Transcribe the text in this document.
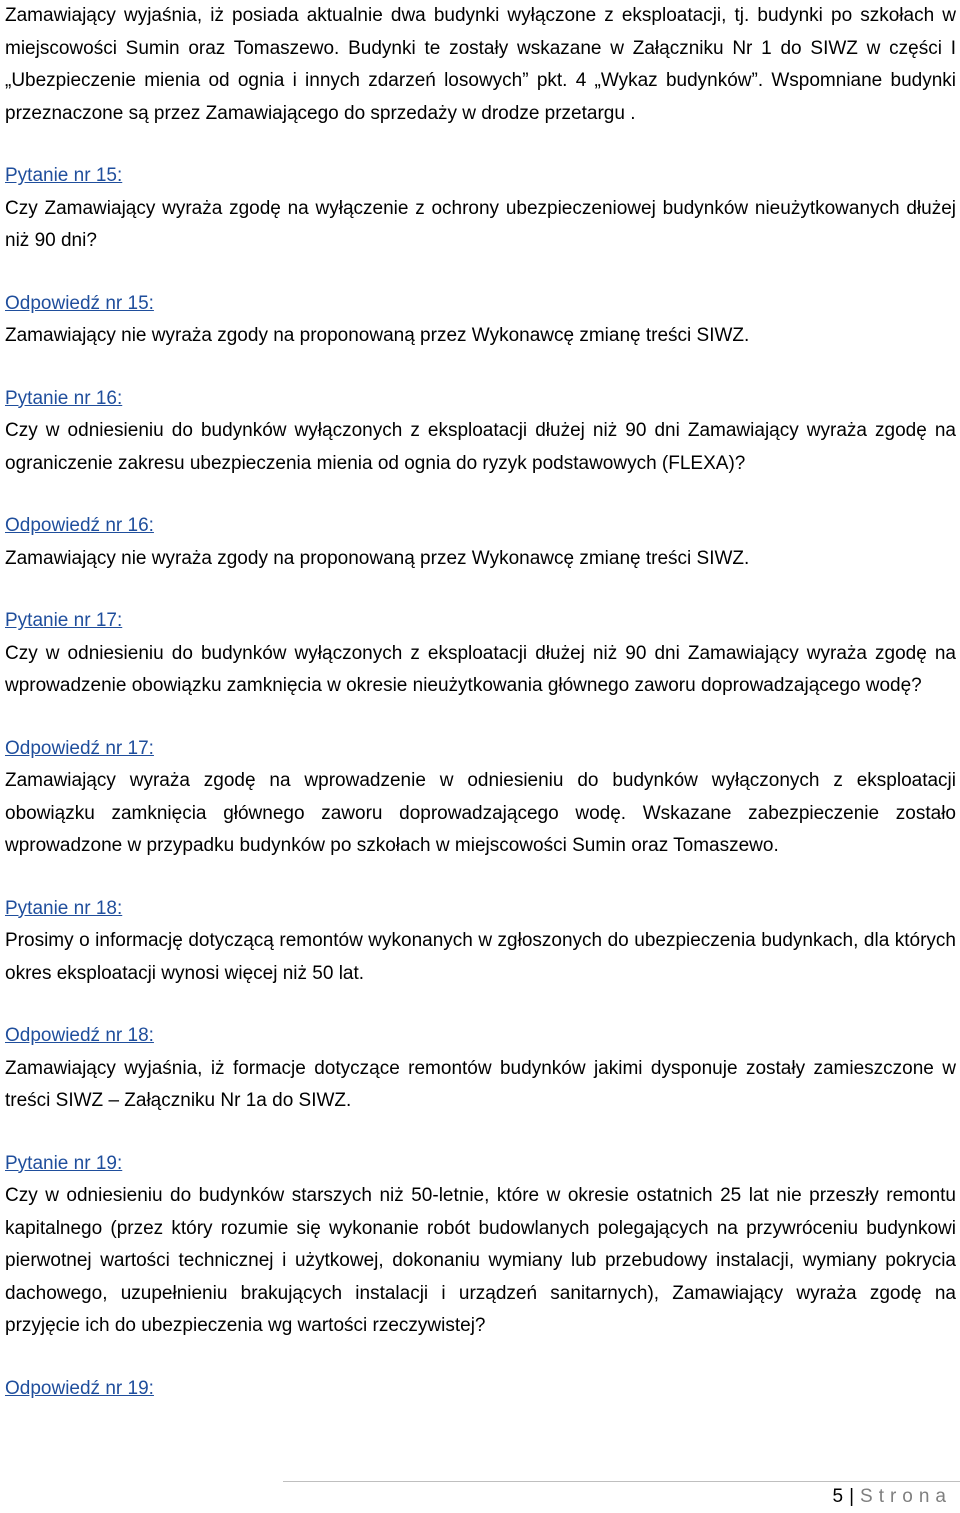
Zamawiający wyjaśnia, iż posiada aktualnie dwa budynki wyłączone z eksploatacji, tj. budynki po szkołach w miejscowości Sumin oraz Tomaszewo. Budynki te zostały wskazane w Załączniku Nr 1 do SIWZ w części I „Ubezpieczenie mienia od ognia i innych zdarzeń losowych” pkt. 4 „Wykaz budynków”. Wspomniane budynki przeznaczone są przez Zamawiającego do sprzedaży w drodze przetargu .

Pytanie nr 15:

Czy Zamawiający wyraża zgodę na wyłączenie z ochrony ubezpieczeniowej budynków nieużytkowanych dłużej niż 90 dni?

Odpowiedź nr 15:

Zamawiający nie wyraża zgody na proponowaną przez Wykonawcę zmianę treści SIWZ.

Pytanie nr 16:

Czy w odniesieniu do budynków wyłączonych z eksploatacji dłużej niż 90 dni Zamawiający wyraża zgodę na ograniczenie zakresu ubezpieczenia mienia od ognia do ryzyk podstawowych (FLEXA)?

Odpowiedź nr 16:

Zamawiający nie wyraża zgody na proponowaną przez Wykonawcę zmianę treści SIWZ.

Pytanie nr 17:

Czy w odniesieniu do budynków wyłączonych z eksploatacji dłużej niż 90 dni Zamawiający wyraża zgodę na wprowadzenie obowiązku zamknięcia w okresie nieużytkowania głównego zaworu doprowadzającego wodę?

Odpowiedź nr 17:

Zamawiający wyraża zgodę na wprowadzenie w odniesieniu do budynków wyłączonych z eksploatacji obowiązku zamknięcia głównego zaworu doprowadzającego wodę. Wskazane zabezpieczenie zostało wprowadzone w przypadku budynków po szkołach w miejscowości Sumin oraz Tomaszewo.

Pytanie nr 18:

Prosimy o informację dotyczącą remontów wykonanych w zgłoszonych do ubezpieczenia budynkach, dla których okres eksploatacji wynosi więcej niż 50 lat.

Odpowiedź nr 18:

Zamawiający wyjaśnia, iż formacje dotyczące remontów budynków jakimi dysponuje zostały zamieszczone w treści SIWZ – Załączniku Nr 1a do SIWZ.

Pytanie nr 19:

Czy w odniesieniu do budynków starszych niż 50-letnie, które w okresie ostatnich 25 lat nie przeszły remontu kapitalnego (przez który rozumie się wykonanie robót budowlanych polegających na przywróceniu budynkowi pierwotnej wartości technicznej i użytkowej, dokonaniu wymiany lub przebudowy instalacji, wymiany pokrycia dachowego, uzupełnieniu brakujących instalacji i urządzeń sanitarnych), Zamawiający wyraża zgodę na przyjęcie ich do ubezpieczenia wg wartości rzeczywistej?

Odpowiedź nr 19:

5 | Strona
